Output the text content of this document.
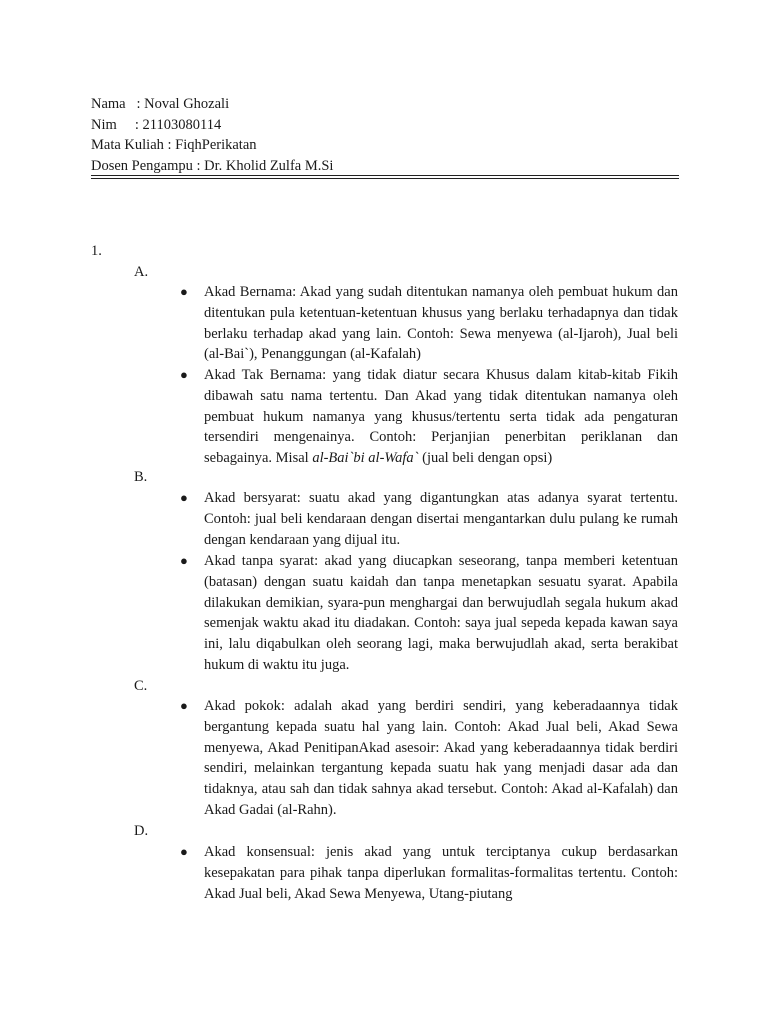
Nama   : Noval Ghozali
Nim     : 21103080114
Mata Kuliah : FiqhPerikatan
Dosen Pengampu : Dr. Kholid Zulfa M.Si
1.
A.
●	Akad Bernama: Akad yang sudah ditentukan namanya oleh pembuat hukum dan ditentukan pula ketentuan-ketentuan khusus yang berlaku terhadapnya dan tidak berlaku terhadap akad yang lain. Contoh: Sewa menyewa (al-Ijaroh), Jual beli (al-Bai`), Penanggungan (al-Kafalah)
●	Akad Tak Bernama: yang tidak diatur secara Khusus dalam kitab-kitab Fikih dibawah satu nama tertentu. Dan Akad yang tidak ditentukan namanya oleh pembuat hukum namanya yang khusus/tertentu serta tidak ada pengaturan tersendiri mengenainya. Contoh: Perjanjian penerbitan periklanan dan sebagainya. Misal al-Bai`bi al-Wafa` (jual beli dengan opsi)
B.
●	Akad bersyarat: suatu akad yang digantungkan atas adanya syarat tertentu. Contoh: jual beli kendaraan dengan disertai mengantarkan dulu pulang ke rumah dengan kendaraan yang dijual itu.
●	Akad tanpa syarat: akad yang diucapkan seseorang, tanpa memberi ketentuan (batasan) dengan suatu kaidah dan tanpa menetapkan sesuatu syarat. Apabila dilakukan demikian, syara-pun menghargai dan berwujudlah segala hukum akad semenjak waktu akad itu diadakan. Contoh: saya jual sepeda kepada kawan saya ini, lalu diqabulkan oleh seorang lagi, maka berwujudlah akad, serta berakibat hukum di waktu itu juga.
C.
●	Akad pokok: adalah akad yang berdiri sendiri, yang keberadaannya tidak bergantung kepada suatu hal yang lain. Contoh: Akad Jual beli, Akad Sewa menyewa, Akad PenitipanAkad asesoir: Akad yang keberadaannya tidak berdiri sendiri, melainkan tergantung kepada suatu hak yang menjadi dasar ada dan tidaknya, atau sah dan tidak sahnya akad tersebut. Contoh: Akad al-Kafalah) dan Akad Gadai (al-Rahn).
D.
●	Akad konsensual: jenis akad yang untuk terciptanya cukup berdasarkan kesepakatan para pihak tanpa diperlukan formalitas-formalitas tertentu. Contoh: Akad Jual beli, Akad Sewa Menyewa, Utang-piutang
